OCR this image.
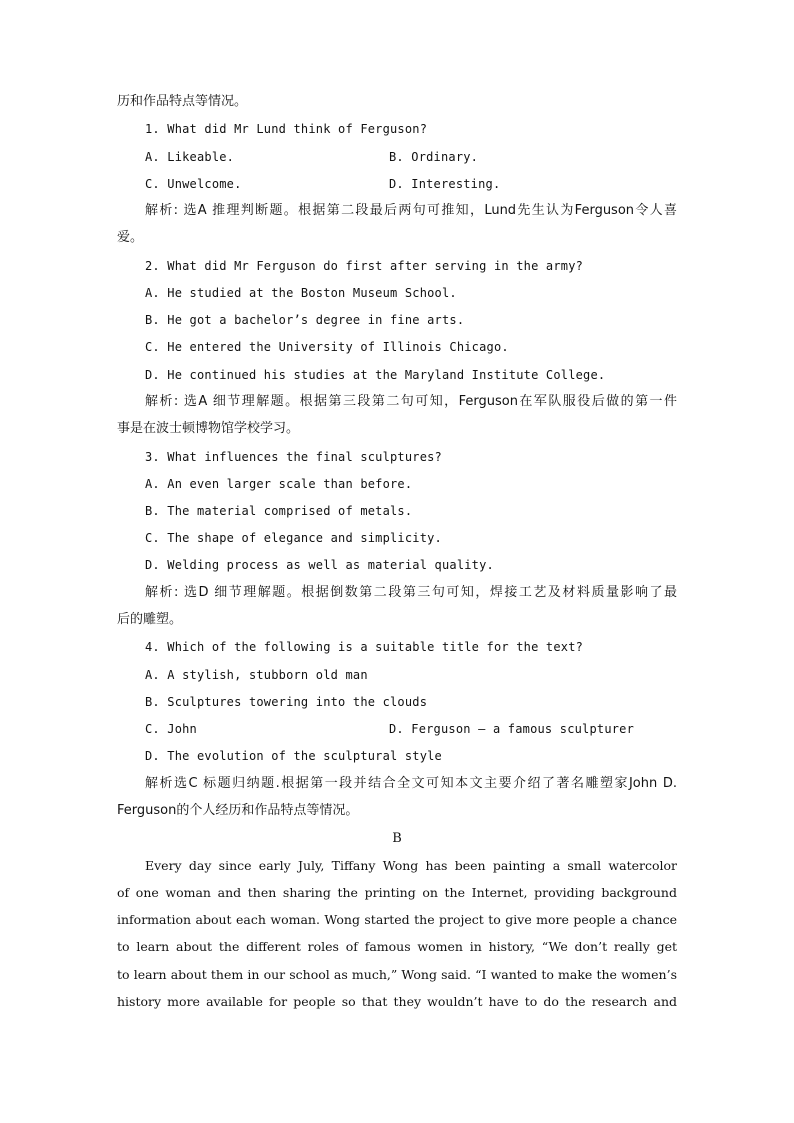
历和作品特点等情况。
1. What did Mr Lund think of Ferguson?
A. Likeable.	B. Ordinary.
C. Unwelcome.	D. Interesting.
解析: 选A 推理判断题。根据第二段最后两句可推知，Lund先生认为Ferguson令人喜
爱。
2. What did Mr Ferguson do first after serving in the army?
A. He studied at the Boston Museum School.
B. He got a bachelor’s degree in fine arts.
C. He entered the University of Illinois Chicago.
D. He continued his studies at the Maryland Institute College.
解析: 选A 细节理解题。根据第三段第二句可知，Ferguson在军队服役后做的第一件
事是在波士顿博物馆学校学习。
3. What influences the final sculptures?
A. An even larger scale than before.
B. The material comprised of metals.
C. The shape of elegance and simplicity.
D. Welding process as well as material quality.
解析: 选D 细节理解题。根据倒数第二段第三句可知，焊接工艺及材料质量影响了最
后的雕塑。
4. Which of the following is a suitable title for the text?
A. A stylish, stubborn old man
B. Sculptures towering into the clouds
C. John	D. Ferguson — a famous sculpturer
D. The evolution of the sculptural style
解析选C 标题归纳题.根据第一段并结合全文可知本文主要介绍了著名雕塑家John D.
Ferguson的个人经历和作品特点等情况。
B
Every day since early July, Tiffany Wong has been painting a small watercolor
of one woman and then sharing the printing on the Internet, providing background
information about each woman. Wong started the project to give more people a chance
to learn about the different roles of famous women in history, “We don’t really get
to learn about them in our school as much,” Wong said. “I wanted to make the women’s
history more available for people so that they wouldn’t have to do the research and
